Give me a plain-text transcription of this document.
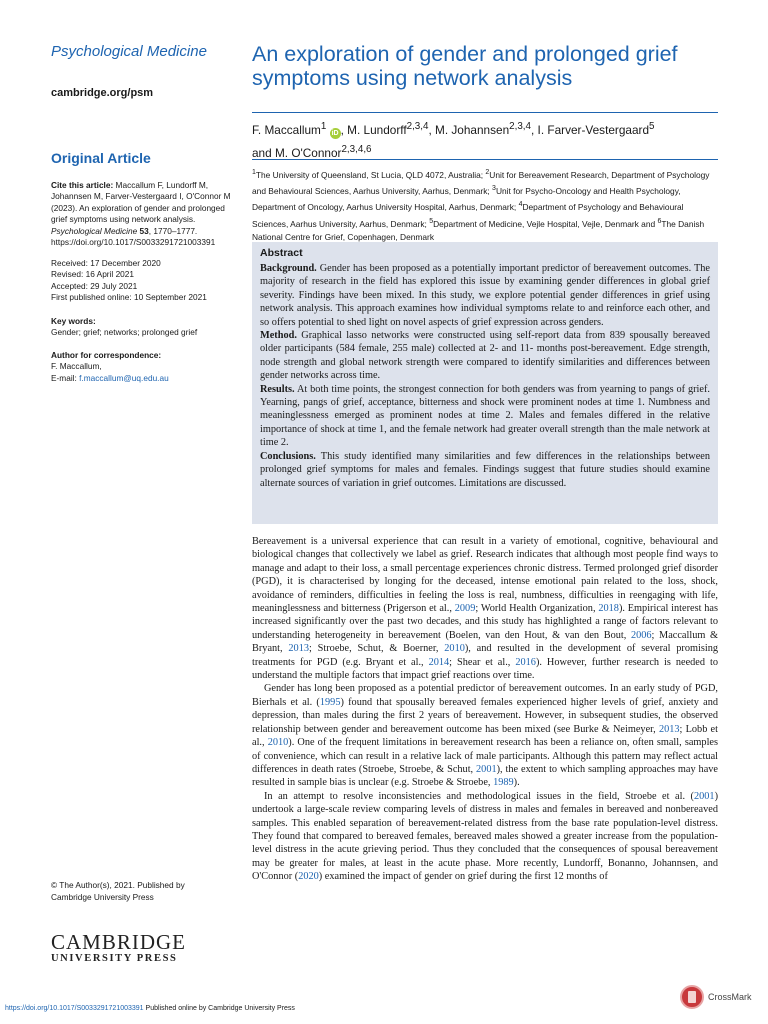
Psychological Medicine
cambridge.org/psm
Original Article

Cite this article: Maccallum F, Lundorff M, Johannsen M, Farver-Vestergaard I, O'Connor M (2023). An exploration of gender and prolonged grief symptoms using network analysis. Psychological Medicine 53, 1770–1777. https://doi.org/10.1017/S0033291721003391

Received: 17 December 2020

Revised: 16 April 2021

Accepted: 29 July 2021

First published online: 10 September 2021

Key words:

Gender; grief; networks; prolonged grief

Author for correspondence:

F. Maccallum,

E-mail: f.maccallum@uq.edu.au

© The Author(s), 2021. Published by
Cambridge University Press
CAMBRIDGE
UNIVERSITY PRESS
An exploration of gender and prolonged grief symptoms using network analysis
F. Maccallum$^1$ iD , M. Lundorff$^{2,3,4}$, M. Johannsen$^{2,3,4}$, I. Farver-Vestergaard$^5$
and M. O'Connor$^{2,3,4,6}$
$^1$The University of Queensland, St Lucia, QLD 4072, Australia; $^2$Unit for Bereavement Research, Department of Psychology and Behavioural Sciences, Aarhus University, Aarhus, Denmark; $^3$Unit for Psycho-Oncology and Health Psychology, Department of Oncology, Aarhus University Hospital, Aarhus, Denmark; $^4$Department of Psychology and Behavioural Sciences, Aarhus University, Aarhus, Denmark; $^5$Department of Medicine, Vejle Hospital, Vejle, Denmark and $^6$The Danish National Centre for Grief, Copenhagen, Denmark
Abstract

Background. Gender has been proposed as a potentially important predictor of bereavement outcomes. The majority of research in the field has explored this issue by examining gender differences in global grief severity. Findings have been mixed. In this study, we explore potential gender differences in grief using network analysis. This approach examines how individual symptoms relate to and reinforce each other, and so offers potential to shed light on novel aspects of grief expression across genders.

Method. Graphical lasso networks were constructed using self-report data from 839 spousally bereaved older participants (584 female, 255 male) collected at 2- and 11- months post-bereavement. Edge strength, node strength and global network strength were compared to identify similarities and differences between gender networks across time.

Results. At both time points, the strongest connection for both genders was from yearning to pangs of grief. Yearning, pangs of grief, acceptance, bitterness and shock were prominent nodes at time 1. Numbness and meaninglessness emerged as prominent nodes at time 2. Males and females differed in the relative importance of shock at time 1, and the female network had greater overall strength than the male network at time 2.

Conclusions. This study identified many similarities and few differences in the relationships between prolonged grief symptoms for males and females. Findings suggest that future studies should examine alternate sources of variation in grief outcomes. Limitations are discussed.

Bereavement is a universal experience that can result in a variety of emotional, cognitive, behavioural and biological changes that collectively we label as grief. Research indicates that although most people find ways to manage and adapt to their loss, a small percentage experiences chronic distress. Termed prolonged grief disorder (PGD), it is characterised by longing for the deceased, intense emotional pain related to the loss, shock, avoidance of reminders, difficulties in feeling the loss is real, numbness, difficulties in reengaging with life, meaninglessness and bitterness (Prigerson et al., 2009; World Health Organization, 2018). Empirical interest has increased significantly over the past two decades, and this study has highlighted a range of factors relevant to understanding heterogeneity in bereavement (Boelen, van den Hout, & van den Bout, 2006; Maccallum & Bryant, 2013; Stroebe, Schut, & Boerner, 2010), and resulted in the development of several promising treatments for PGD (e.g. Bryant et al., 2014; Shear et al., 2016). However, further research is needed to understand the multiple factors that impact grief reactions over time.

Gender has long been proposed as a potential predictor of bereavement outcomes. In an early study of PGD, Bierhals et al. (1995) found that spousally bereaved females experienced higher levels of grief, anxiety and depression, than males during the first 2 years of bereavement. However, in subsequent studies, the observed relationship between gender and bereavement outcome has been mixed (see Burke & Neimeyer, 2013; Lobb et al., 2010). One of the frequent limitations in bereavement research has been a reliance on, often small, samples of convenience, which can result in a relative lack of male participants. Although this pattern may reflect actual differences in death rates (Stroebe, Stroebe, & Schut, 2001), the extent to which sampling approaches may have resulted in sample bias is unclear (e.g. Stroebe & Stroebe, 1989).

In an attempt to resolve inconsistencies and methodological issues in the field, Stroebe et al. (2001) undertook a large-scale review comparing levels of distress in males and females in bereaved and nonbereaved samples. This enabled separation of bereavement-related distress from the base rate population-level distress. They found that compared to bereaved females, bereaved males showed a greater increase from the population-level distress in the acute grieving period. Thus they concluded that the consequences of spousal bereavement may be greater for males, at least in the acute phase. More recently, Lundorff, Bonanno, Johannsen, and O'Connor (2020) examined the impact of gender on grief during the first 12 months of

https://doi.org/10.1017/S0033291721003391 Published online by Cambridge University Press
CrossMark
